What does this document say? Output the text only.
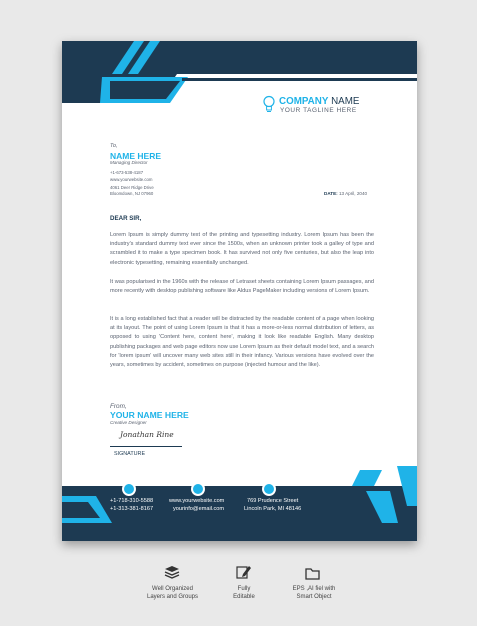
COMPANY NAME
YOUR TAGLINE HERE
To,
NAME HERE
Managing Director
+1-673-538-4187
www.yourwebsite.com
4061 Deer Ridge Drive
Bloomdown, NJ 07960	DATE: 13 April, 2040
DEAR SIR,
Lorem Ipsum is simply dummy text of the printing and typesetting industry. Lorem Ipsum has been the industry's standard dummy text ever since the 1500s, when an unknown printer took a galley of type and scrambled it to make a type specimen book. It has survived not only five centuries, but also the leap into electronic typesetting, remaining essentially unchanged.
It was popularised in the 1960s with the release of Letraset sheets containing Lorem Ipsum passages, and more recently with desktop publishing software like Aldus PageMaker including versions of Lorem Ipsum.
It is a long established fact that a reader will be distracted by the readable content of a page when looking at its layout. The point of using Lorem Ipsum is that it has a more-or-less normal distribution of letters, as opposed to using 'Content here, content here', making it look like readable English. Many desktop publishing packages and web page editors now use Lorem Ipsum as their default model text, and a search for 'lorem ipsum' will uncover many web sites still in their infancy. Various versions have evolved over the years, sometimes by accident, sometimes on purpose (injected humour and the like).
From,
YOUR NAME HERE
Creative Designer
Jonathan Rine
SIGNATURE
+1-718-310-5588
+1-313-381-8167
www.yourwebsite.com
yourinfo@email.com
769 Prudence Street
Lincoln Park, MI 48146
Well Organized
Layers and Groups
Fully
Editable
EPS ,AI fiel with
Smart Object
